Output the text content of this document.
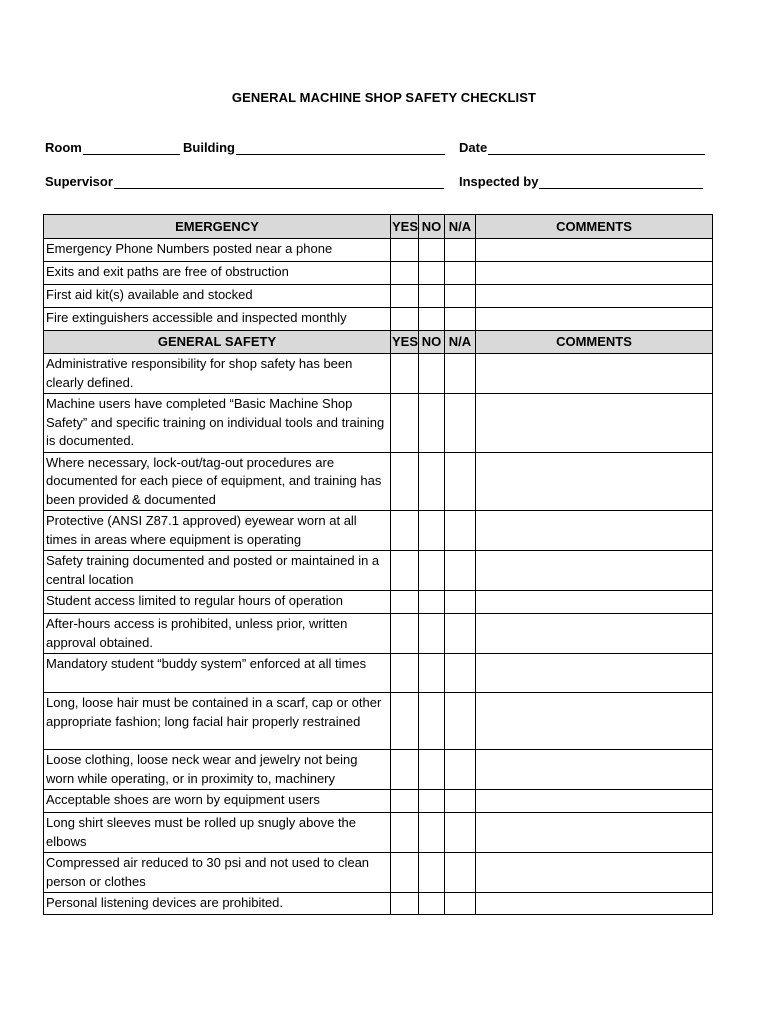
GENERAL MACHINE SHOP SAFETY CHECKLIST
Room	Building	Date
Supervisor	Inspected by
EMERGENCY	YES	NO	N/A	COMMENTS
Emergency Phone Numbers posted near a phone				
Exits and exit paths are free of obstruction				
First aid kit(s) available and stocked				
Fire extinguishers accessible and inspected monthly				
GENERAL SAFETY	YES	NO	N/A	COMMENTS
Administrative responsibility for shop safety has been clearly defined.				
Machine users have completed “Basic Machine Shop Safety” and specific training on individual tools and training is documented.				
Where necessary, lock-out/tag-out procedures are documented for each piece of equipment, and training has been provided & documented				
Protective (ANSI Z87.1 approved) eyewear worn at all times in areas where equipment is operating				
Safety training documented and posted or maintained in a central location				
Student access limited to regular hours of operation				
After-hours access is prohibited, unless prior, written approval obtained.				
Mandatory student “buddy system” enforced at all times				
Long, loose hair must be contained in a scarf, cap or other appropriate fashion; long facial hair properly restrained				
Loose clothing, loose neck wear and jewelry not being worn while operating, or in proximity to, machinery				
Acceptable shoes are worn by equipment users				
Long shirt sleeves must be rolled up snugly above the elbows				
Compressed air reduced to 30 psi and not used to clean person or clothes				
Personal listening devices are prohibited.				
